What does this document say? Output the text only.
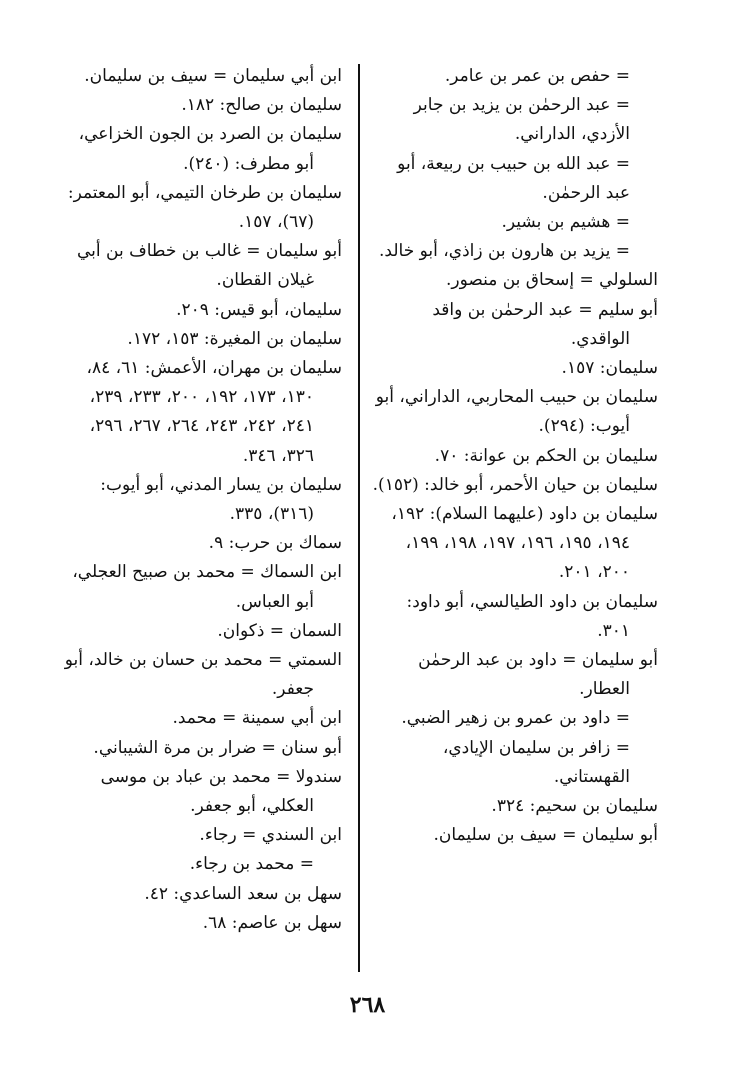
= حفص بن عمر بن عامر.
= عبد الرحمٰن بن يزيد بن جابر الأزدي، الداراني.
= عبد الله بن حبيب بن ربيعة، أبو عبد الرحمٰن.
= هشيم بن بشير.
= يزيد بن هارون بن زاذي، أبو خالد.
السلولي = إسحاق بن منصور.
أبو سليم = عبد الرحمٰن بن واقد الواقدي.
سليمان: ١٥٧.
سليمان بن حبيب المحاربي، الداراني، أبو أيوب: (٢٩٤).
سليمان بن الحكم بن عوانة: ٧٠.
سليمان بن حيان الأحمر، أبو خالد: (١٥٢).
سليمان بن داود (عليهما السلام): ١٩٢، ١٩٤، ١٩٥، ١٩٦، ١٩٧، ١٩٨، ١٩٩، ٢٠٠، ٢٠١.
سليمان بن داود الطيالسي، أبو داود: ٣٠١.
أبو سليمان = داود بن عبد الرحمٰن العطار.
= داود بن عمرو بن زهير الضبي.
= زافر بن سليمان الإيادي، القهستاني.
سليمان بن سحيم: ٣٢٤.
أبو سليمان = سيف بن سليمان.
ابن أبي سليمان = سيف بن سليمان.
سليمان بن صالح: ١٨٢.
سليمان بن الصرد بن الجون الخزاعي، أبو مطرف: (٢٤٠).
سليمان بن طرخان التيمي، أبو المعتمر: (٦٧)، ١٥٧.
أبو سليمان = غالب بن خطاف بن أبي غيلان القطان.
سليمان، أبو قيس: ٢٠٩.
سليمان بن المغيرة: ١٥٣، ١٧٢.
سليمان بن مهران، الأعمش: ٦١، ٨٤، ١٣٠، ١٧٣، ١٩٢، ٢٠٠، ٢٣٣، ٢٣٩، ٢٤١، ٢٤٢، ٢٤٣، ٢٦٤، ٢٦٧، ٢٩٦، ٣٢٦، ٣٤٦.
سليمان بن يسار المدني، أبو أيوب: (٣١٦)، ٣٣٥.
سماك بن حرب: ٩.
ابن السماك = محمد بن صبيح العجلي، أبو العباس.
السمان = ذكوان.
السمتي = محمد بن حسان بن خالد، أبو جعفر.
ابن أبي سمينة = محمد.
أبو سنان = ضرار بن مرة الشيباني.
سندولا = محمد بن عباد بن موسى العكلي، أبو جعفر.
ابن السندي = رجاء.
= محمد بن رجاء.
سهل بن سعد الساعدي: ٤٢.
سهل بن عاصم: ٦٨.
٢٦٨
